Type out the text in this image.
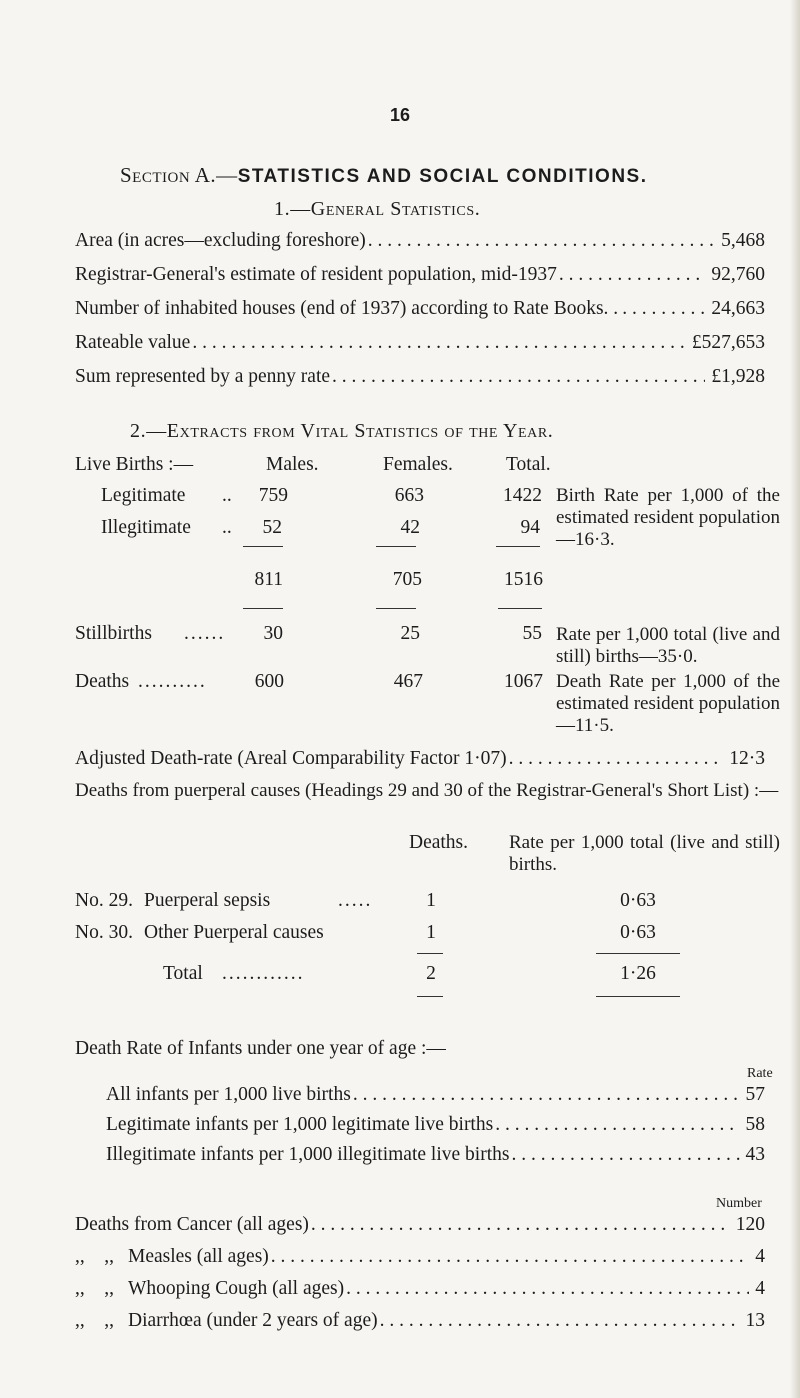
16
Section A.—STATISTICS AND SOCIAL CONDITIONS.
1.—General Statistics.
Area (in acres—excluding foreshore) . . .	5,468
Registrar-General's estimate of resident population, mid-1937 . . .	92,760
Number of inhabited houses (end of 1937) according to Rate Books. . . . .	24,663
Rateable value . . .	£527,653
Sum represented by a penny rate . . .	£1,928
2.—Extracts from Vital Statistics of the Year.
Live Births :—	Males.	Females.	Total.
Legitimate ..	759	663	1422
Illegitimate ..	52	42	94
811	705	1516
Birth Rate per 1,000 of the estimated resident population —16·3.
Stillbirths ......	30	25	55 Rate per 1,000 total (live and still) births—35·0.
Deaths ..........	600	467	1067 Death Rate per 1,000 of the estimated resident population —11·5.
Adjusted Death-rate (Areal Comparability Factor 1·07) . . .	12·3
Deaths from puerperal causes (Headings 29 and 30 of the Registrar-General's Short List) :—
Deaths. Rate per 1,000 total (live and still) births.
No. 29. Puerperal sepsis	.....	1	0·63
No. 30. Other Puerperal causes	1	0·63
Total ............	2	1·26
Death Rate of Infants under one year of age :—
Rate
All infants per 1,000 live births . . .	57
Legitimate infants per 1,000 legitimate live births . . .	58
Illegitimate infants per 1,000 illegitimate live births . . .	43
Number
Deaths from Cancer (all ages) . . .	120
,,    ,, Measles (all ages) . . .	4
,,    ,, Whooping Cough (all ages) . . .	4
,,    ,, Diarrhœa (under 2 years of age) . . .	13
